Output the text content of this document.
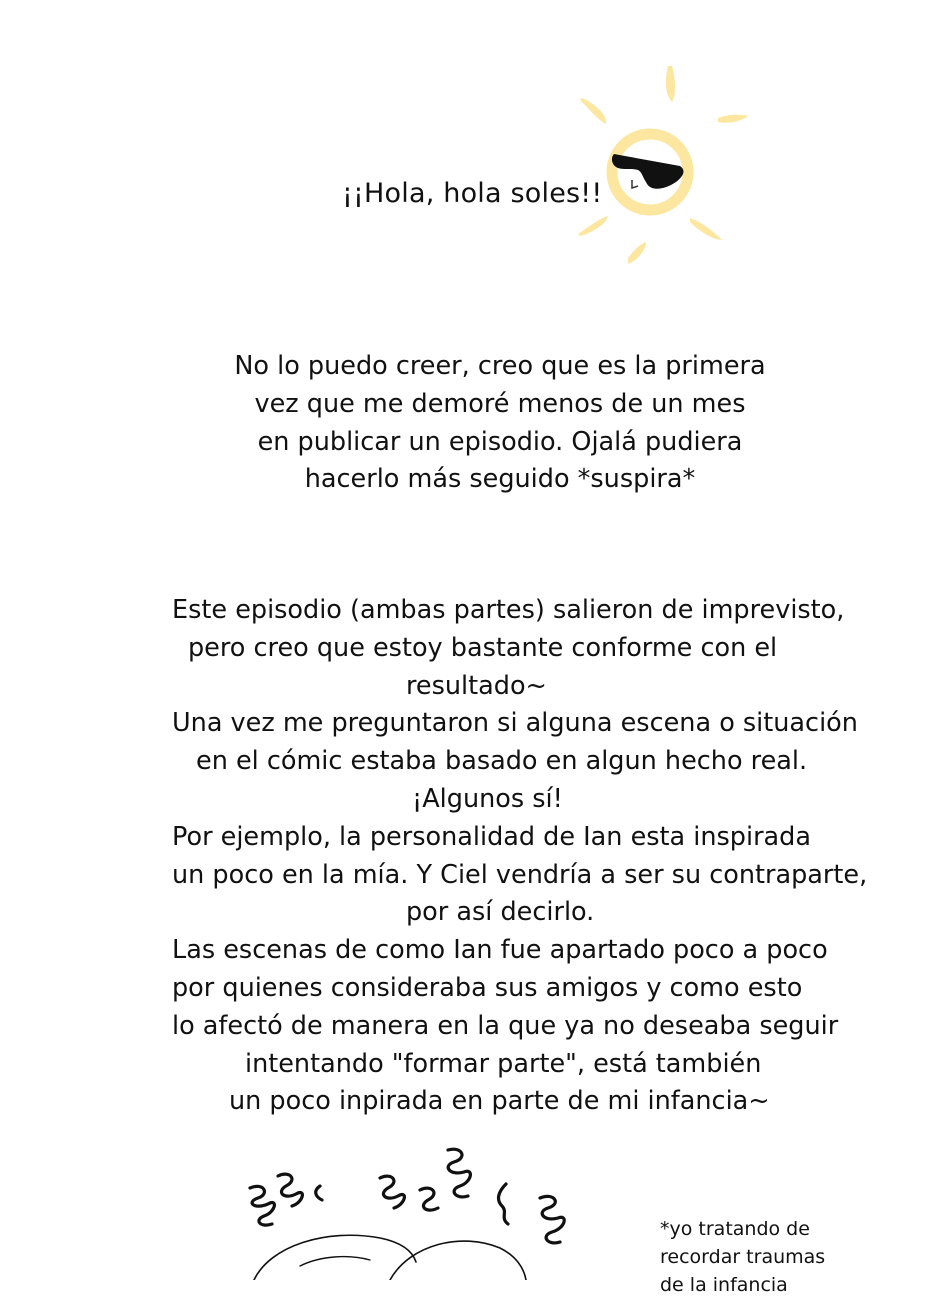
¡¡Hola, hola soles!!
No lo puedo creer, creo que es la primera
vez que me demoré menos de un mes
en publicar un episodio. Ojalá pudiera
hacerlo más seguido *suspira*
Este episodio (ambas partes) salieron de imprevisto,
pero creo que estoy bastante conforme con el
resultado~
Una vez me preguntaron si alguna escena o situación
en el cómic estaba basado en algun hecho real.
¡Algunos sí!
Por ejemplo, la personalidad de Ian esta inspirada
un poco en la mía. Y Ciel vendría a ser su contraparte,
por así decirlo.
Las escenas de como Ian fue apartado poco a poco
por quienes consideraba sus amigos y como esto
lo afectó de manera en la que ya no deseaba seguir
intentando "formar parte", está también
un poco inpirada en parte de mi infancia~
*yo tratando de
recordar traumas
de la infancia
